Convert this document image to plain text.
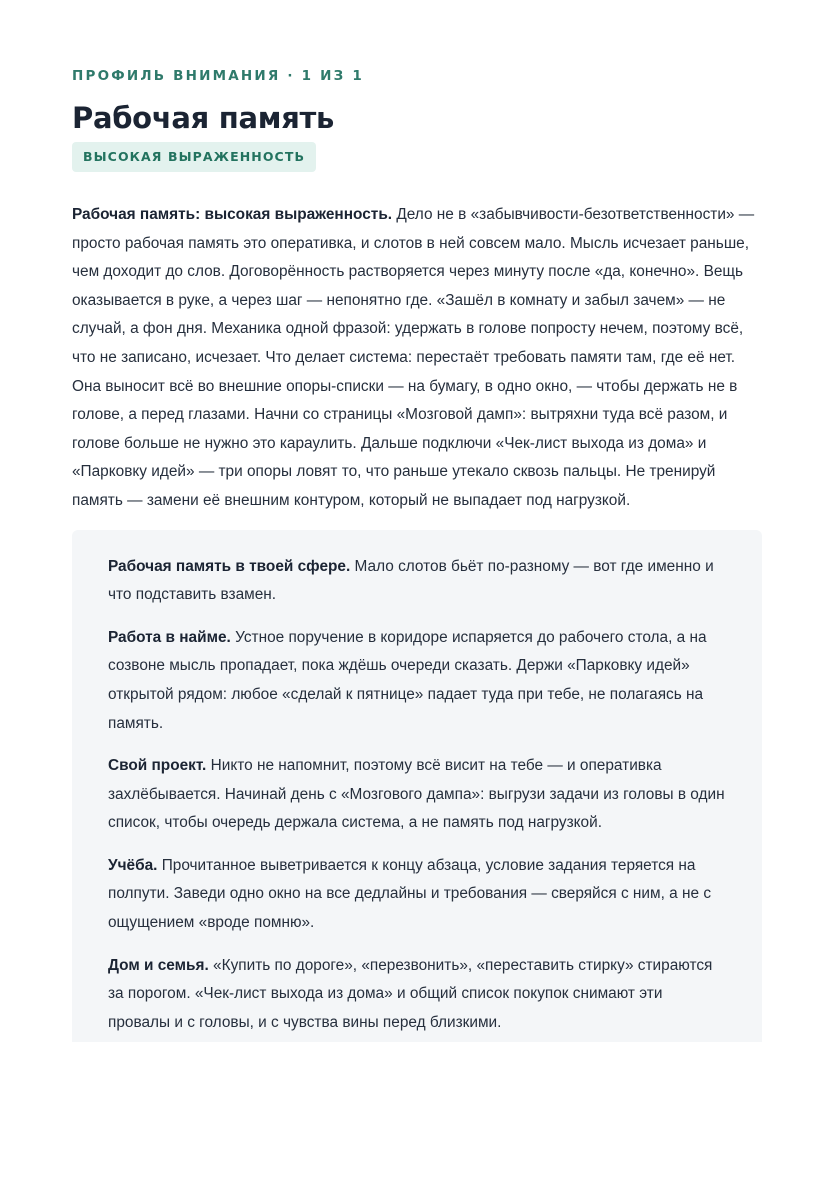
ПРОФИЛЬ ВНИМАНИЯ · 1 ИЗ 1
Рабочая память
ВЫСОКАЯ ВЫРАЖЕННОСТЬ
Рабочая память: высокая выраженность. Дело не в «забывчивости-безответственности» — просто рабочая память это оперативка, и слотов в ней совсем мало. Мысль исчезает раньше, чем доходит до слов. Договорённость растворяется через минуту после «да, конечно». Вещь оказывается в руке, а через шаг — непонятно где. «Зашёл в комнату и забыл зачем» — не случай, а фон дня. Механика одной фразой: удержать в голове попросту нечем, поэтому всё, что не записано, исчезает. Что делает система: перестаёт требовать памяти там, где её нет. Она выносит всё во внешние опоры-списки — на бумагу, в одно окно, — чтобы держать не в голове, а перед глазами. Начни со страницы «Мозговой дамп»: вытряхни туда всё разом, и голове больше не нужно это караулить. Дальше подключи «Чек-лист выхода из дома» и «Парковку идей» — три опоры ловят то, что раньше утекало сквозь пальцы. Не тренируй память — замени её внешним контуром, который не выпадает под нагрузкой.

Рабочая память в твоей сфере. Мало слотов бьёт по-разному — вот где именно и что подставить взамен.

Работа в найме. Устное поручение в коридоре испаряется до рабочего стола, а на созвоне мысль пропадает, пока ждёшь очереди сказать. Держи «Парковку идей» открытой рядом: любое «сделай к пятнице» падает туда при тебе, не полагаясь на память.

Свой проект. Никто не напомнит, поэтому всё висит на тебе — и оперативка захлёбывается. Начинай день с «Мозгового дампа»: выгрузи задачи из головы в один список, чтобы очередь держала система, а не память под нагрузкой.

Учёба. Прочитанное выветривается к концу абзаца, условие задания теряется на полпути. Заведи одно окно на все дедлайны и требования — сверяйся с ним, а не с ощущением «вроде помню».

Дом и семья. «Купить по дороге», «перезвонить», «переставить стирку» стираются за порогом. «Чек-лист выхода из дома» и общий список покупок снимают эти провалы и с головы, и с чувства вины перед близкими.
